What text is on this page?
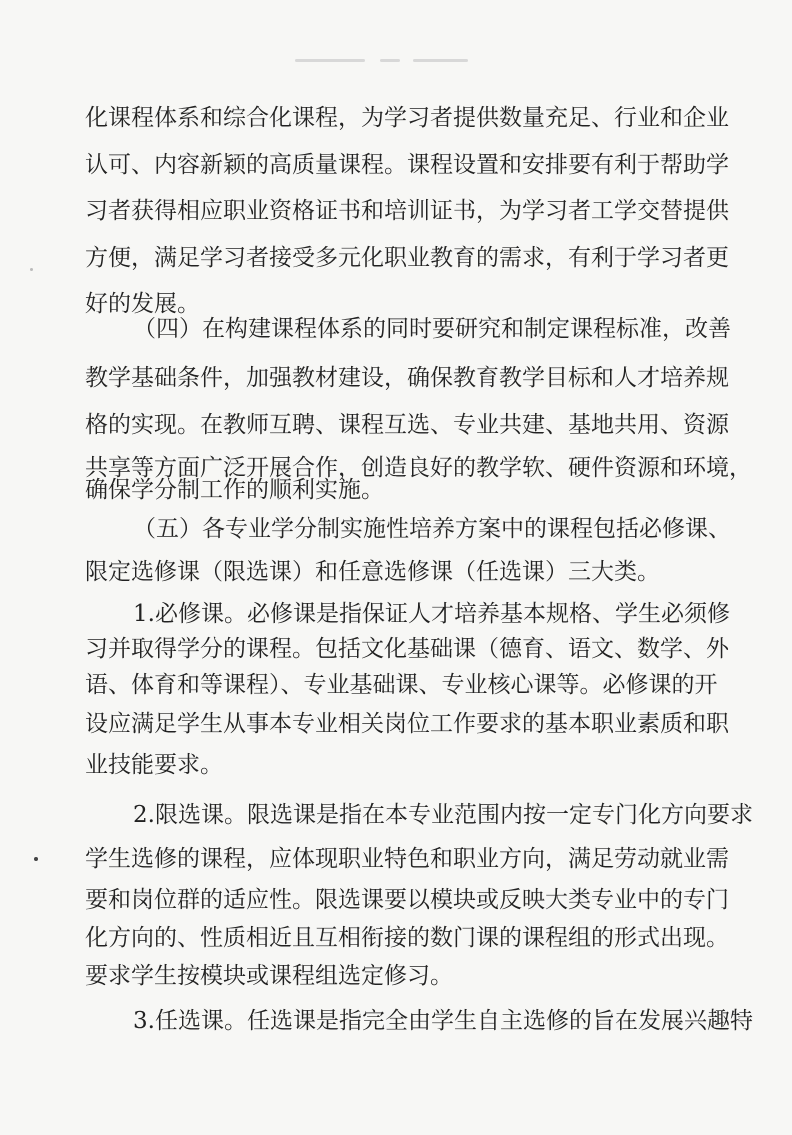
化课程体系和综合化课程，为学习者提供数量充足、行业和企业
认可、内容新颖的高质量课程。课程设置和安排要有利于帮助学
习者获得相应职业资格证书和培训证书，为学习者工学交替提供
方便，满足学习者接受多元化职业教育的需求，有利于学习者更
好的发展。
（四）在构建课程体系的同时要研究和制定课程标准，改善
教学基础条件，加强教材建设，确保教育教学目标和人才培养规
格的实现。在教师互聘、课程互选、专业共建、基地共用、资源
共享等方面广泛开展合作，创造良好的教学软、硬件资源和环境，
确保学分制工作的顺利实施。
（五）各专业学分制实施性培养方案中的课程包括必修课、
限定选修课（限选课）和任意选修课（任选课）三大类。
1.必修课。必修课是指保证人才培养基本规格、学生必须修
习并取得学分的课程。包括文化基础课（德育、语文、数学、外
语、体育和等课程）、专业基础课、专业核心课等。必修课的开
设应满足学生从事本专业相关岗位工作要求的基本职业素质和职
业技能要求。
2.限选课。限选课是指在本专业范围内按一定专门化方向要求
学生选修的课程，应体现职业特色和职业方向，满足劳动就业需
要和岗位群的适应性。限选课要以模块或反映大类专业中的专门
化方向的、性质相近且互相衔接的数门课的课程组的形式出现。
要求学生按模块或课程组选定修习。
3.任选课。任选课是指完全由学生自主选修的旨在发展兴趣特
